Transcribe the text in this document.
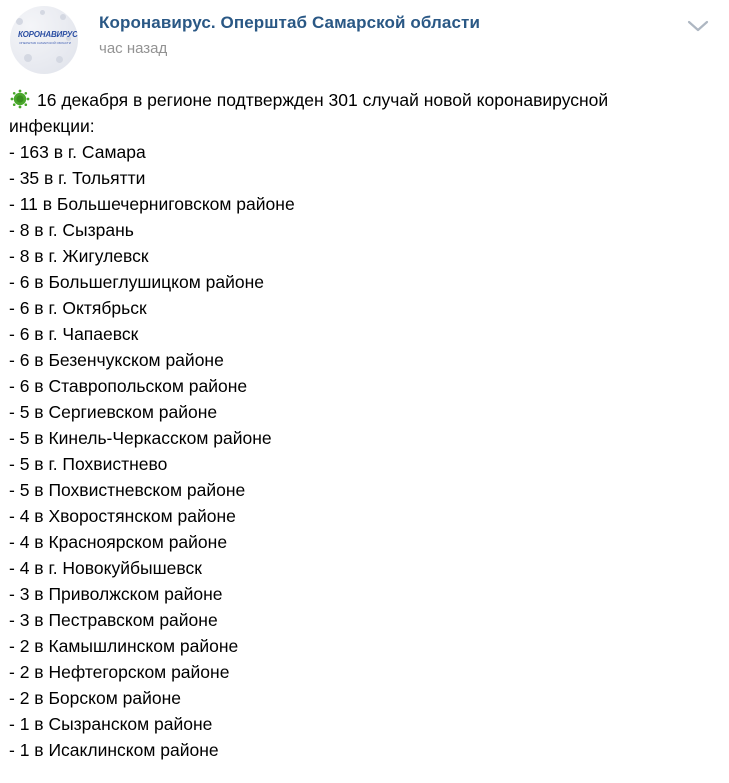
КОРОНАВИРУС
ОПЕРШТАБ САМАРСКОЙ ОБЛАСТИ
Коронавирус. Оперштаб Самарской области
час назад
16 декабря в регионе подтвержден 301 случай новой коронавирусной
инфекции:
- 163 в г. Самара
- 35 в г. Тольятти
- 11 в Большечерниговском районе
- 8 в г. Сызрань
- 8 в г. Жигулевск
- 6 в Большеглушицком районе
- 6 в г. Октябрьск
- 6 в г. Чапаевск
- 6 в Безенчукском районе
- 6 в Ставропольском районе
- 5 в Сергиевском районе
- 5 в Кинель-Черкасском районе
- 5 в г. Похвистнево
- 5 в Похвистневском районе
- 4 в Хворостянском районе
- 4 в Красноярском районе
- 4 в г. Новокуйбышевск
- 3 в Приволжском районе
- 3 в Пестравском районе
- 2 в Камышлинском районе
- 2 в Нефтегорском районе
- 2 в Борском районе
- 1 в Сызранском районе
- 1 в Исаклинском районе
